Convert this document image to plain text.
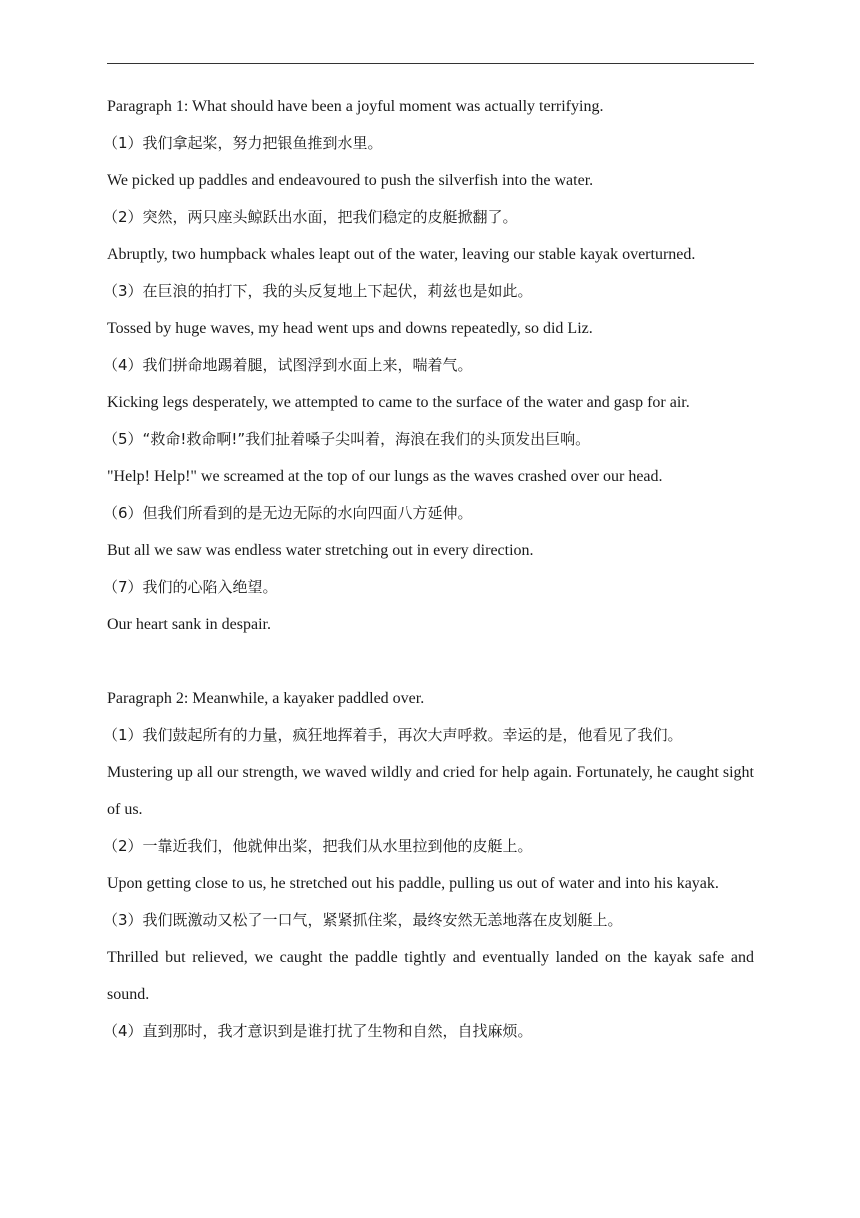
Paragraph 1: What should have been a joyful moment was actually terrifying.

（1）我们拿起桨，努力把银鱼推到水里。

We picked up paddles and endeavoured to push the silverfish into the water.

（2）突然，两只座头鲸跃出水面，把我们稳定的皮艇掀翻了。

Abruptly, two humpback whales leapt out of the water, leaving our stable kayak overturned.

（3）在巨浪的拍打下，我的头反复地上下起伏，莉兹也是如此。

Tossed by huge waves, my head went ups and downs repeatedly, so did Liz.

（4）我们拼命地踢着腿，试图浮到水面上来，喘着气。

Kicking legs desperately, we attempted to came to the surface of the water and gasp for air.

（5）“救命!救命啊!”我们扯着嗓子尖叫着，海浪在我们的头顶发出巨响。

"Help! Help!" we screamed at the top of our lungs as the waves crashed over our head.

（6）但我们所看到的是无边无际的水向四面八方延伸。

But all we saw was endless water stretching out in every direction.

（7）我们的心陷入绝望。

Our heart sank in despair.

Paragraph 2: Meanwhile, a kayaker paddled over.

（1）我们鼓起所有的力量，疯狂地挥着手，再次大声呼救。幸运的是，他看见了我们。

Mustering up all our strength, we waved wildly and cried for help again. Fortunately, he caught sight of us.

（2）一靠近我们，他就伸出桨，把我们从水里拉到他的皮艇上。

Upon getting close to us, he stretched out his paddle, pulling us out of water and into his kayak.

（3）我们既激动又松了一口气，紧紧抓住桨，最终安然无恙地落在皮划艇上。

Thrilled but relieved, we caught the paddle tightly and eventually landed on the kayak safe and sound.

（4）直到那时，我才意识到是谁打扰了生物和自然，自找麻烦。
